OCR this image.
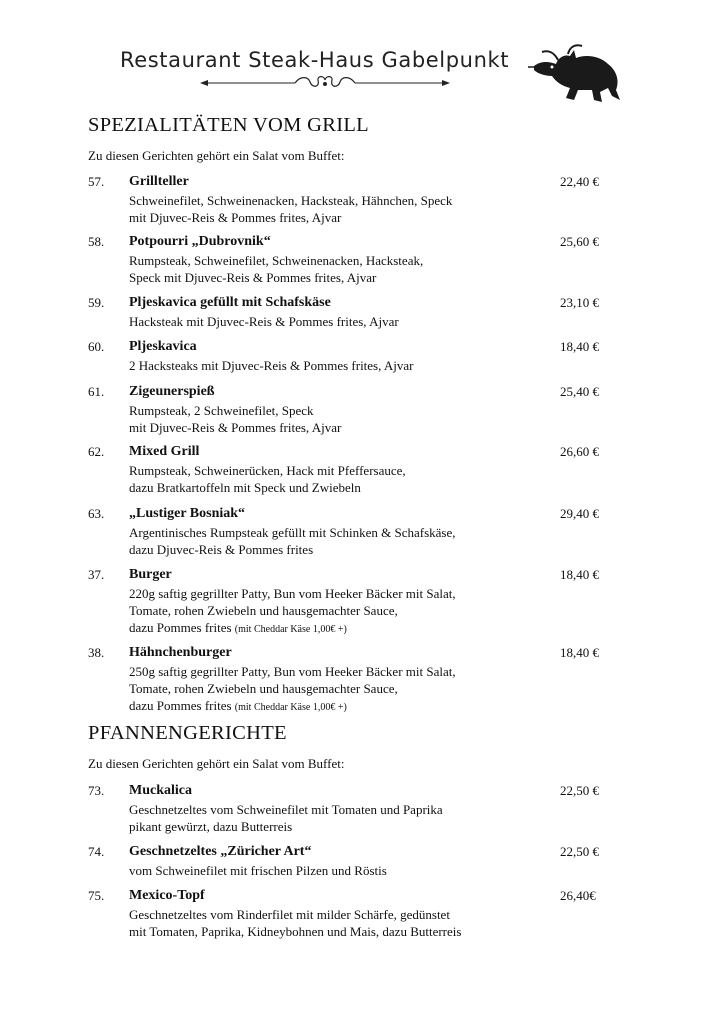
Restaurant Steak-Haus Gabelpunkt
SPEZIALITÄTEN VOM GRILL
Zu diesen Gerichten gehört ein Salat vom Buffet:
57. Grillteller	22,40 €
Schweinefilet, Schweinenacken, Hacksteak, Hähnchen, Speck
mit Djuvec-Reis & Pommes frites, Ajvar
58. Potpourri „Dubrovnik“	25,60 €
Rumpsteak, Schweinefilet, Schweinenacken, Hacksteak,
Speck mit Djuvec-Reis & Pommes frites, Ajvar
59. Pljeskavica gefüllt mit Schafskäse	23,10 €
Hacksteak mit Djuvec-Reis & Pommes frites, Ajvar
60. Pljeskavica	18,40 €
2 Hacksteaks mit Djuvec-Reis & Pommes frites, Ajvar
61. Zigeunerspieß	25,40 €
Rumpsteak, 2 Schweinefilet, Speck
mit Djuvec-Reis & Pommes frites, Ajvar
62. Mixed Grill	26,60 €
Rumpsteak, Schweinerücken, Hack mit Pfeffersauce,
dazu Bratkartoffeln mit Speck und Zwiebeln
63. „Lustiger Bosniak“	29,40 €
Argentinisches Rumpsteak gefüllt mit Schinken & Schafskäse,
dazu Djuvec-Reis & Pommes frites
37. Burger	18,40 €
220g saftig gegrillter Patty, Bun vom Heeker Bäcker mit Salat,
Tomate, rohen Zwiebeln und hausgemachter Sauce,
dazu Pommes frites (mit Cheddar Käse 1,00€ +)
38. Hähnchenburger	18,40 €
250g saftig gegrillter Patty, Bun vom Heeker Bäcker mit Salat,
Tomate, rohen Zwiebeln und hausgemachter Sauce,
dazu Pommes frites (mit Cheddar Käse 1,00€ +)
PFANNENGERICHTE
Zu diesen Gerichten gehört ein Salat vom Buffet:
73. Muckalica	22,50 €
Geschnetzeltes vom Schweinefilet mit Tomaten und Paprika
pikant gewürzt, dazu Butterreis
74. Geschnetzeltes „Züricher Art“	22,50 €
vom Schweinefilet mit frischen Pilzen und Röstis
75. Mexico-Topf	26,40€
Geschnetzeltes vom Rinderfilet mit milder Schärfe, gedünstet
mit Tomaten, Paprika, Kidneybohnen und Mais, dazu Butterreis
